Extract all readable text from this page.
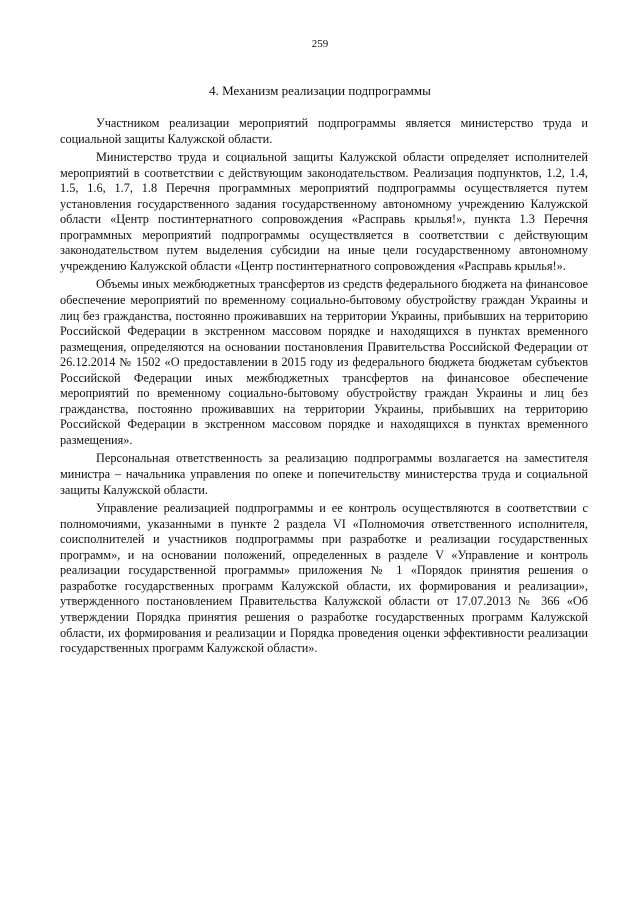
259
4. Механизм реализации подпрограммы

Участником реализации мероприятий подпрограммы является министерство труда и социальной защиты Калужской области.

Министерство труда и социальной защиты Калужской области определяет исполнителей мероприятий в соответствии с действующим законодательством. Реализация подпунктов, 1.2, 1.4, 1.5, 1.6, 1.7, 1.8 Перечня программных мероприятий подпрограммы осуществляется путем установления государственного задания государственному автономному учреждению Калужской области «Центр постинтернатного сопровождения «Расправь крылья!», пункта 1.3 Перечня программных мероприятий подпрограммы осуществляется в соответствии с действующим законодательством путем выделения субсидии на иные цели государственному автономному учреждению Калужской области «Центр постинтернатного сопровождения «Расправь крылья!».

Объемы иных межбюджетных трансфертов из средств федерального бюджета на финансовое обеспечение мероприятий по временному социально-бытовому обустройству граждан Украины и лиц без гражданства, постоянно проживавших на территории Украины, прибывших на территорию Российской Федерации в экстренном массовом порядке и находящихся в пунктах временного размещения, определяются на основании постановления Правительства Российской Федерации от 26.12.2014 № 1502 «О предоставлении в 2015 году из федерального бюджета бюджетам субъектов Российской Федерации иных межбюджетных трансфертов на финансовое обеспечение мероприятий по временному социально-бытовому обустройству граждан Украины и лиц без гражданства, постоянно проживавших на территории Украины, прибывших на территорию Российской Федерации в экстренном массовом порядке и находящихся в пунктах временного размещения».

Персональная ответственность за реализацию подпрограммы возлагается на заместителя министра – начальника управления по опеке и попечительству министерства труда и социальной защиты Калужской области.

Управление реализацией подпрограммы и ее контроль осуществляются в соответствии с полномочиями, указанными в пункте 2 раздела VI «Полномочия ответственного исполнителя, соисполнителей и участников подпрограммы при разработке и реализации государственных программ», и на основании положений, определенных в разделе V «Управление и контроль реализации государственной программы» приложения № 1 «Порядок принятия решения о разработке государственных программ Калужской области, их формирования и реализации», утвержденного постановлением Правительства Калужской области от 17.07.2013 № 366 «Об утверждении Порядка принятия решения о разработке государственных программ Калужской области, их формирования и реализации и Порядка проведения оценки эффективности реализации государственных программ Калужской области».
